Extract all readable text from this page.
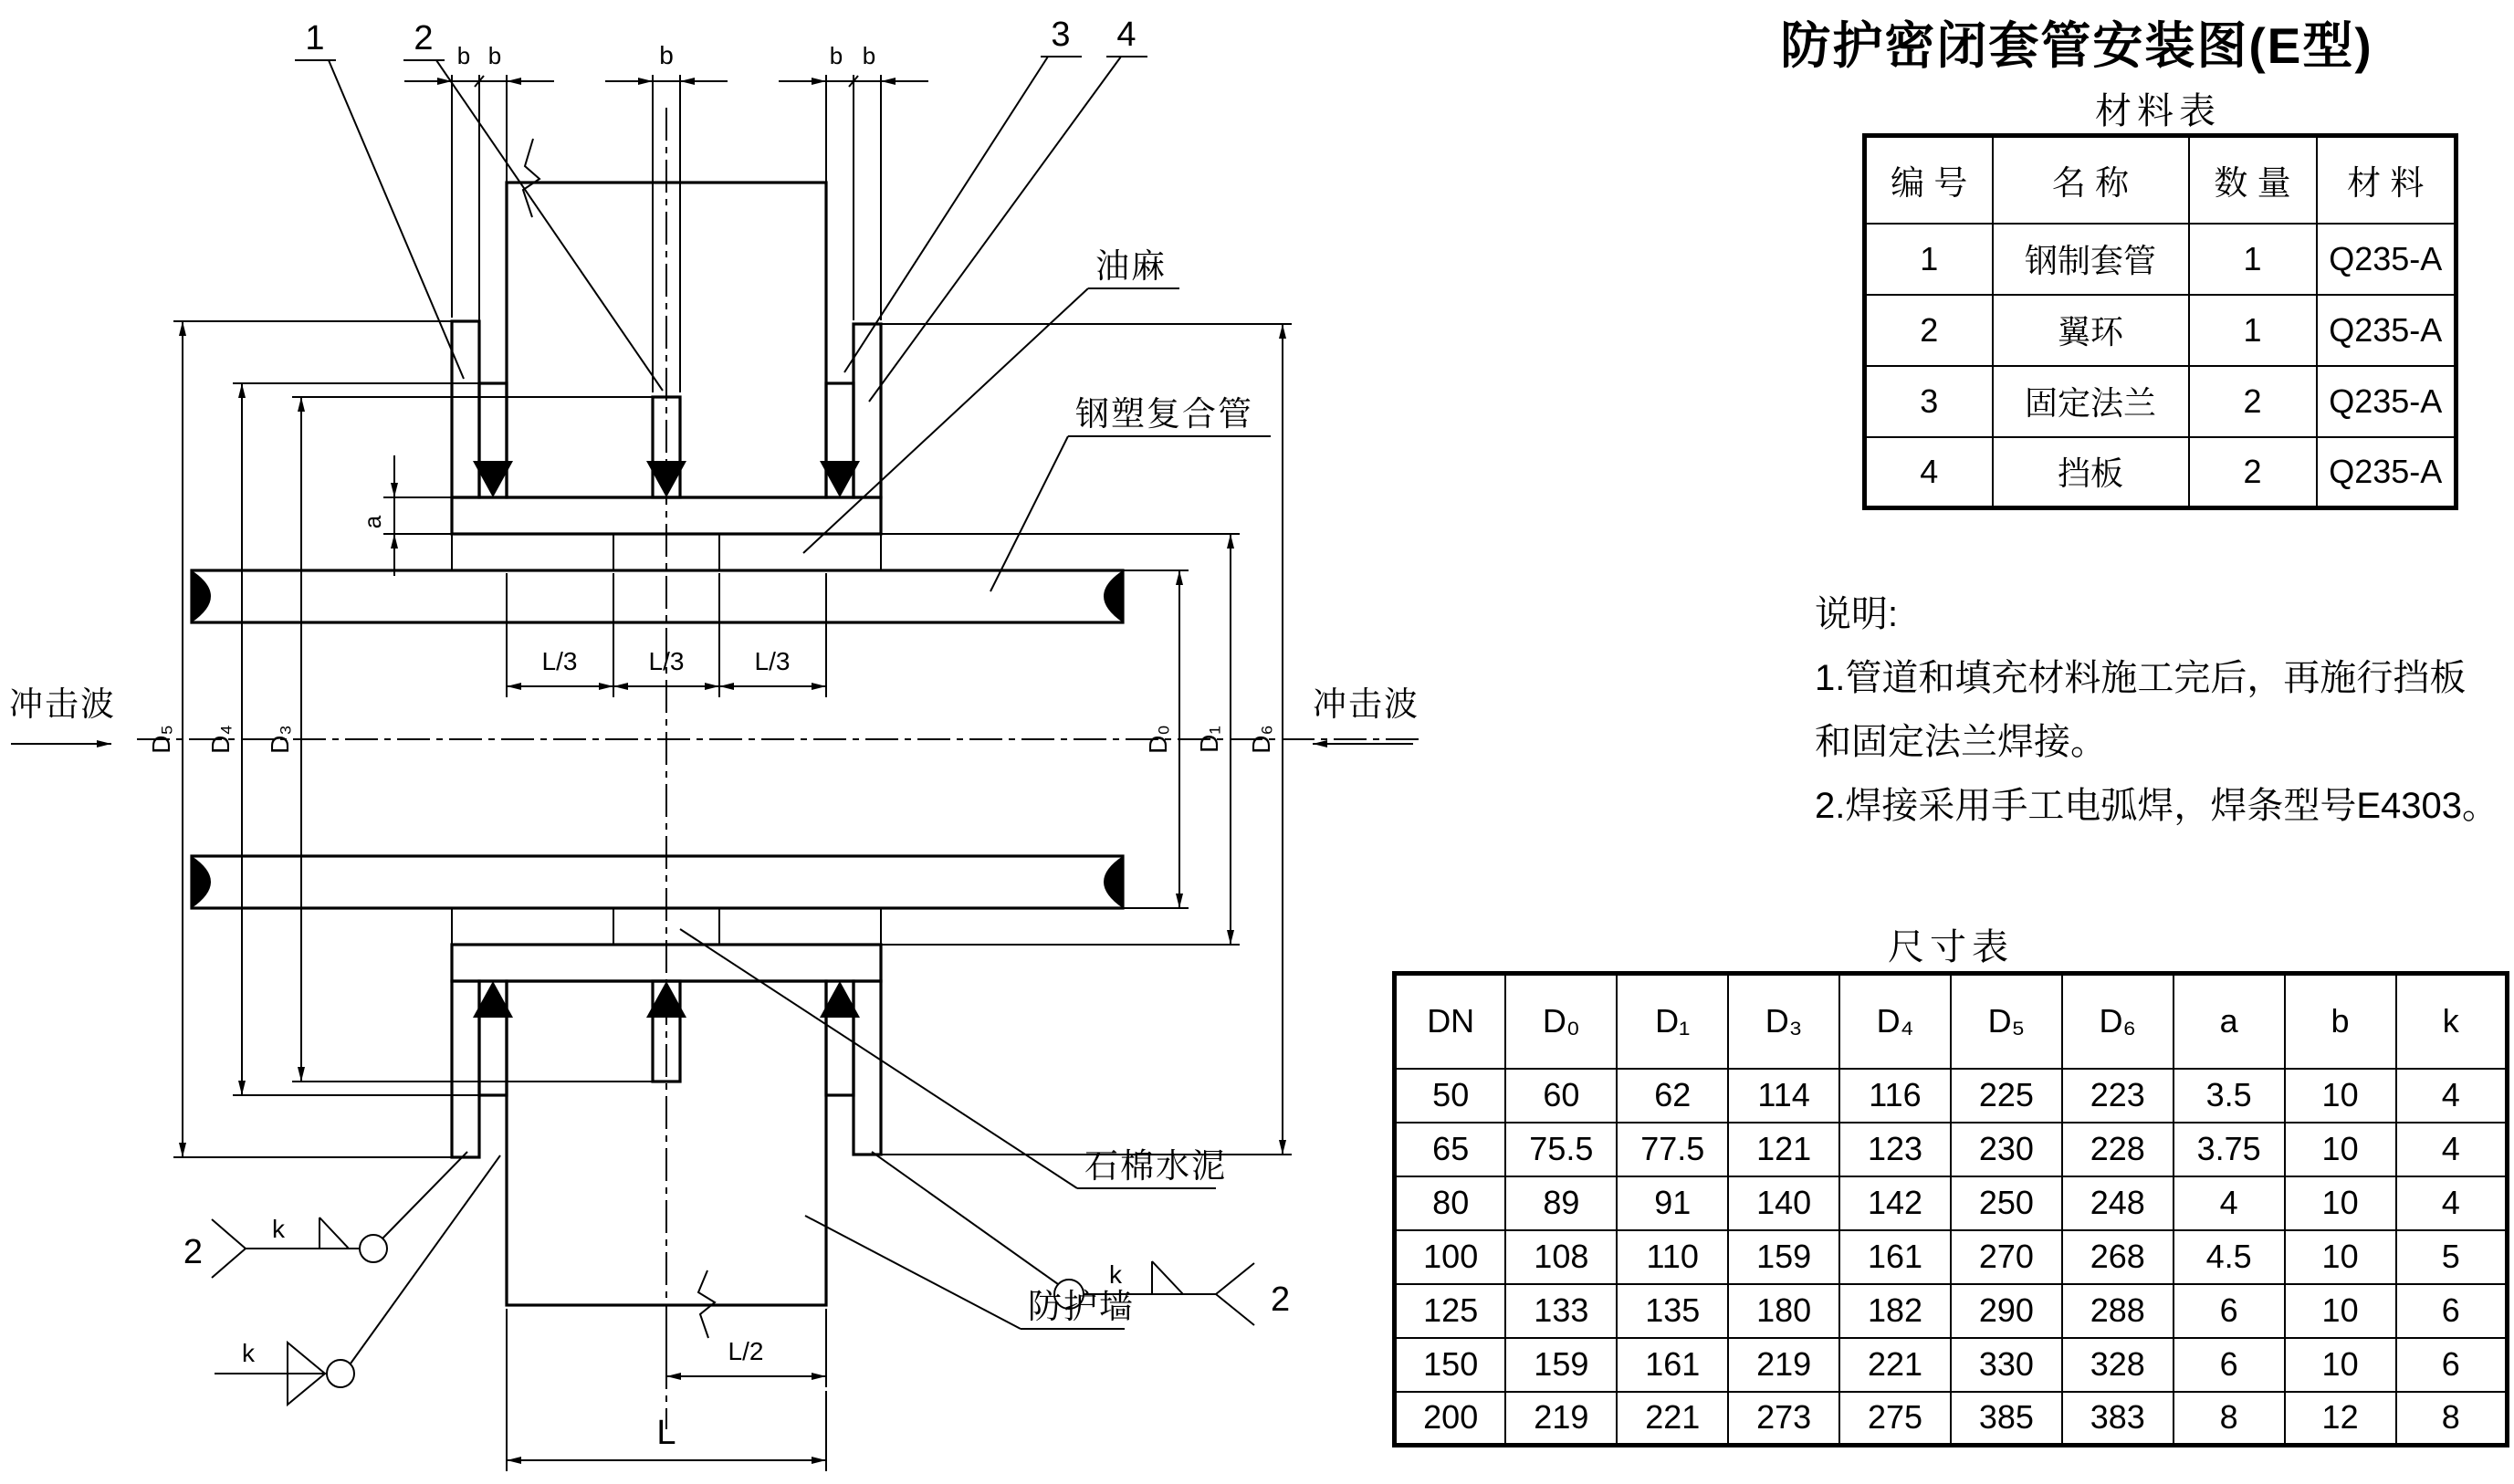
b b	b	b b
1	2	3 4
a
L/3	L/3	L/3
冲击波	冲击波
D₅ D₄ D₃	D₀ D₁ D₆
L/2
L
油麻
钢塑复合管
石棉水泥
防护墙
k
2
2
k
k
防护密闭套管安装图(E型)
材料表
编 号	名 称	数 量	材 料
1	钢制套管	1	Q235-A
2	翼环	1	Q235-A
3	固定法兰	2	Q235-A
4	挡板	2	Q235-A
说明:
1.管道和填充材料施工完后，再施行挡板
和固定法兰焊接。
2.焊接采用手工电弧焊，焊条型号E4303。
尺寸表
DN	D₀	D₁	D₃	D₄	D₅	D₆	a	b	k
50	60	62	114	116	225	223	3.5	10	4
65	75.5	77.5	121	123	230	228	3.75	10	4
80	89	91	140	142	250	248	4	10	4
100	108	110	159	161	270	268	4.5	10	5
125	133	135	180	182	290	288	6	10	6
150	159	161	219	221	330	328	6	10	6
200	219	221	273	275	385	383	8	12	8
